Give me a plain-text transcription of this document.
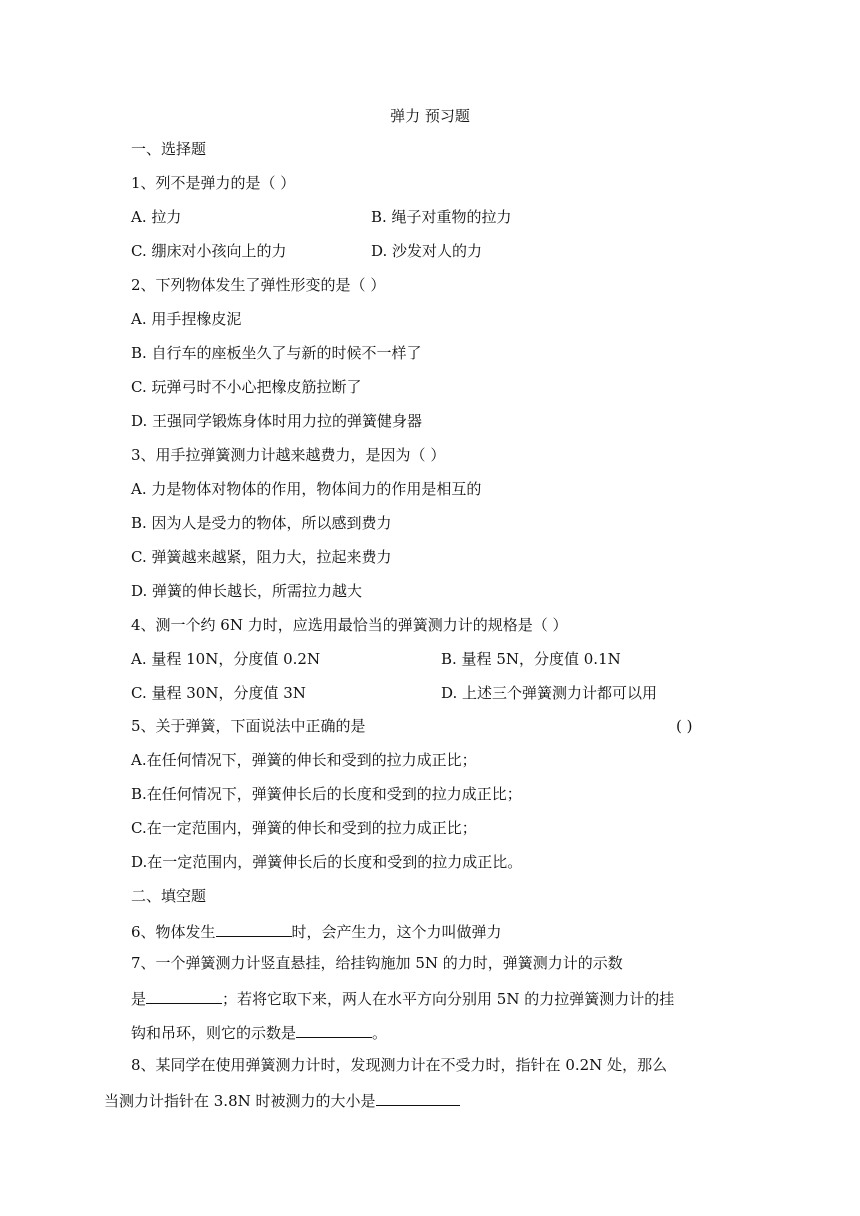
弹力 预习题
一、选择题
1、列不是弹力的是（ ）
A. 拉力	B. 绳子对重物的拉力
C. 绷床对小孩向上的力	D. 沙发对人的力
2、下列物体发生了弹性形变的是（ ）
A. 用手捏橡皮泥
B. 自行车的座板坐久了与新的时候不一样了
C. 玩弹弓时不小心把橡皮筋拉断了
D. 王强同学锻炼身体时用力拉的弹簧健身器
3、用手拉弹簧测力计越来越费力，是因为（ ）
A. 力是物体对物体的作用，物体间力的作用是相互的
B. 因为人是受力的物体，所以感到费力
C. 弹簧越来越紧，阻力大，拉起来费力
D. 弹簧的伸长越长，所需拉力越大
4、测一个约 6N 力时，应选用最恰当的弹簧测力计的规格是（ ）
A. 量程 10N，分度值 0.2N	B. 量程 5N，分度值 0.1N
C. 量程 30N，分度值 3N	D. 上述三个弹簧测力计都可以用
5、关于弹簧，下面说法中正确的是	( )
A.在任何情况下，弹簧的伸长和受到的拉力成正比；
B.在任何情况下，弹簧伸长后的长度和受到的拉力成正比；
C.在一定范围内，弹簧的伸长和受到的拉力成正比；
D.在一定范围内，弹簧伸长后的长度和受到的拉力成正比。
二、填空题
6、物体发生	时，会产生力，这个力叫做弹力
7、一个弹簧测力计竖直悬挂，给挂钩施加 5N 的力时，弹簧测力计的示数
是	；若将它取下来，两人在水平方向分别用 5N 的力拉弹簧测力计的挂
钩和吊环，则它的示数是	。
8、某同学在使用弹簧测力计时，发现测力计在不受力时，指针在 0.2N 处，那么
当测力计指针在 3.8N 时被测力的大小是
